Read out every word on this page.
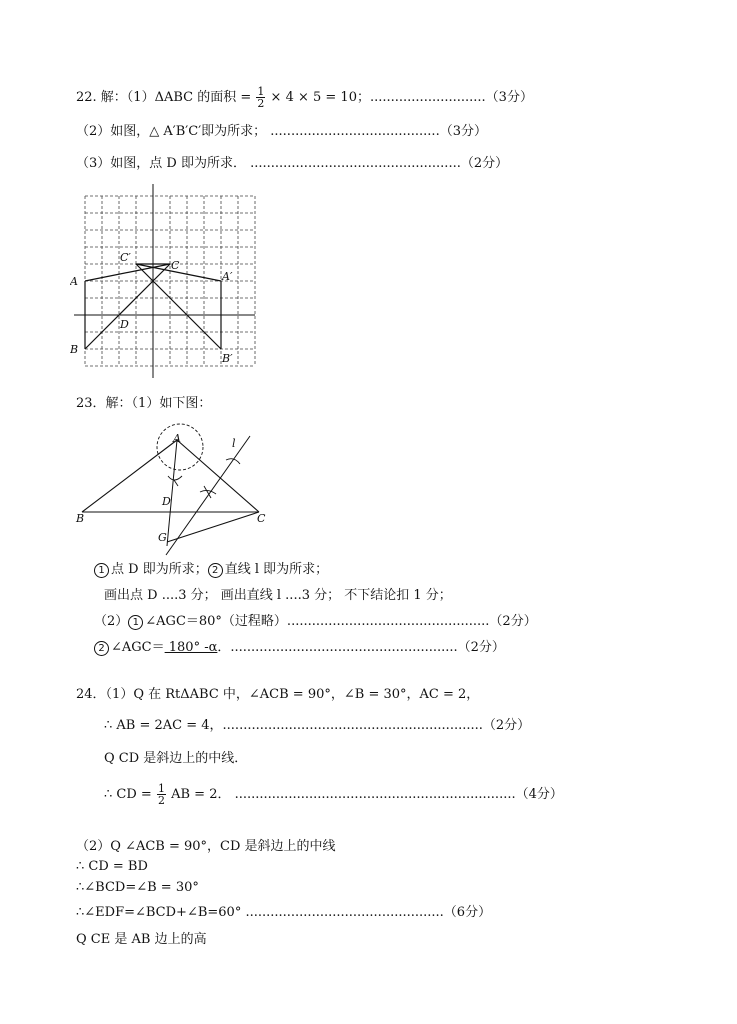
22. 解：（1）ΔABC 的面积 = $\frac{1}{2} \times 4 \times 5 = 10$；............................（3分）
（2）如图，△ A′B′C′即为所求； .........................................（3分）
（3）如图，点 D 即为所求． ...................................................（2分）
A
B
C
C′
A′
B′
D
23．解：（1）如下图：
A
B	C
D
G
l
1 点 D 即为所求； 2 直线 l 即为所求；
画出点 D ....3 分； 画出直线 l ....3 分； 不下结论扣 1 分；
（2） 1 ∠AGC＝80°（过程略）.................................................（2分）
2 ∠AGC＝ 180° -α．.......................................................（2分）
24．（1）Q 在 RtΔABC 中，∠ACB = 90°，∠B = 30°，AC = 2，
∴ AB = 2AC = 4，...............................................................（2分）
Q CD 是斜边上的中线．
∴ CD = $\frac{1}{2}$ AB = 2． ....................................................................（4分）
（2）Q ∠ACB = 90°，CD 是斜边上的中线
∴ CD = BD
∴∠BCD=∠B = 30°
∴∠EDF=∠BCD+∠B=60° ................................................（6分）
Q CE 是 AB 边上的高
